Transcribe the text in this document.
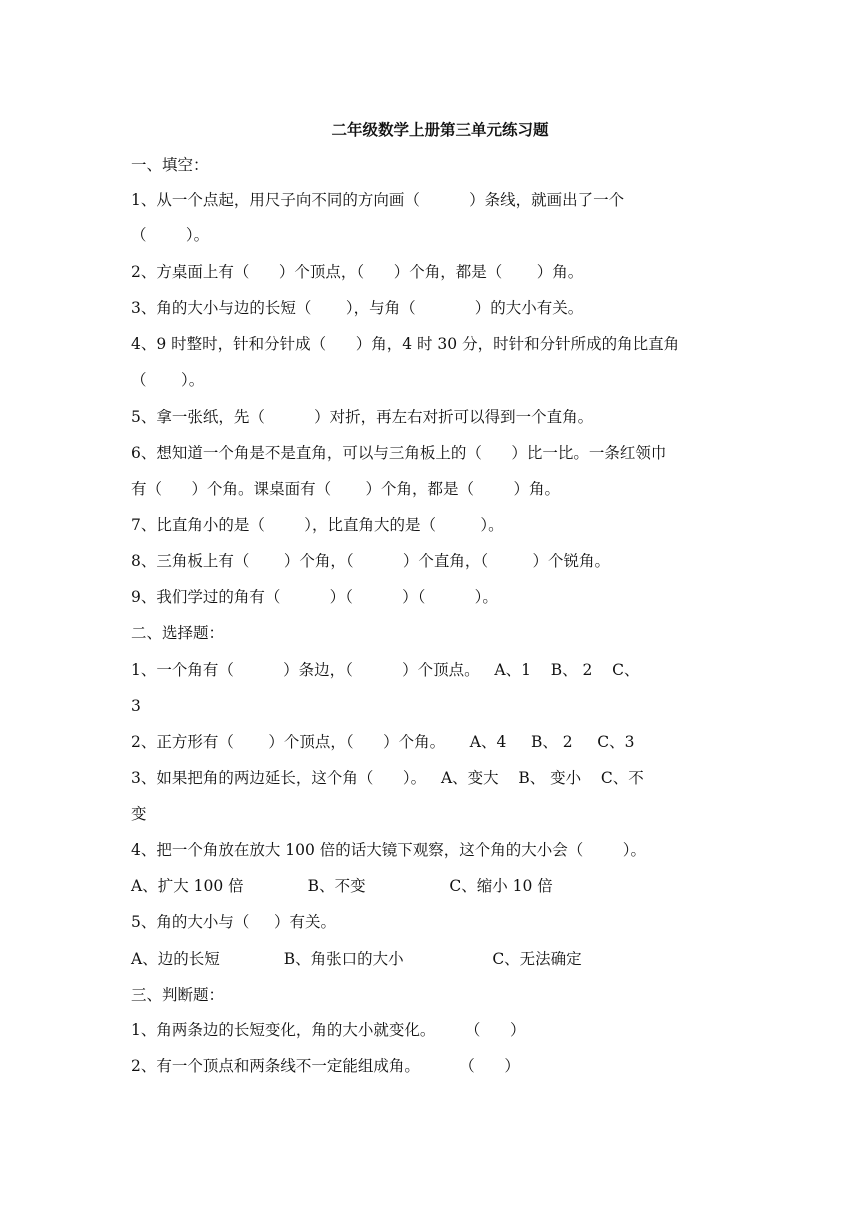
二年级数学上册第三单元练习题
一、填空：
1、从一个点起，用尺子向不同的方向画（          ）条线，就画出了一个
（        ）。
2、方桌面上有（      ）个顶点，（      ）个角，都是（       ）角。
3、角的大小与边的长短（       ），与角（            ）的大小有关。
4、9 时整时，针和分针成（      ）角，4 时 30 分，时针和分针所成的角比直角
（       ）。
5、拿一张纸，先（          ）对折，再左右对折可以得到一个直角。
6、想知道一个角是不是直角，可以与三角板上的（      ）比一比。一条红领巾
有（      ）个角。课桌面有（       ）个角，都是（        ）角。
7、比直角小的是（        ），比直角大的是（         ）。
8、三角板上有（       ）个角，（          ）个直角，（         ）个锐角。
9、我们学过的角有（          ）（          ）（          ）。
二、选择题：
1、一个角有（          ）条边，（          ）个顶点。   A、1    B、 2    C、
3
2、正方形有（       ）个顶点，（      ）个角。     A、4     B、 2     C、3
3、如果把角的两边延长，这个角（      ）。   A、变大    B、 变小    C、不
变
4、把一个角放在放大 100 倍的话大镜下观察，这个角的大小会（        ）。
A、扩大 100 倍             B、不变                 C、缩小 10 倍
5、角的大小与（     ）有关。
A、边的长短             B、角张口的大小                  C、无法确定
三、判断题：
1、角两条边的长短变化，角的大小就变化。      （      ）
2、有一个顶点和两条线不一定能组成角。        （      ）
